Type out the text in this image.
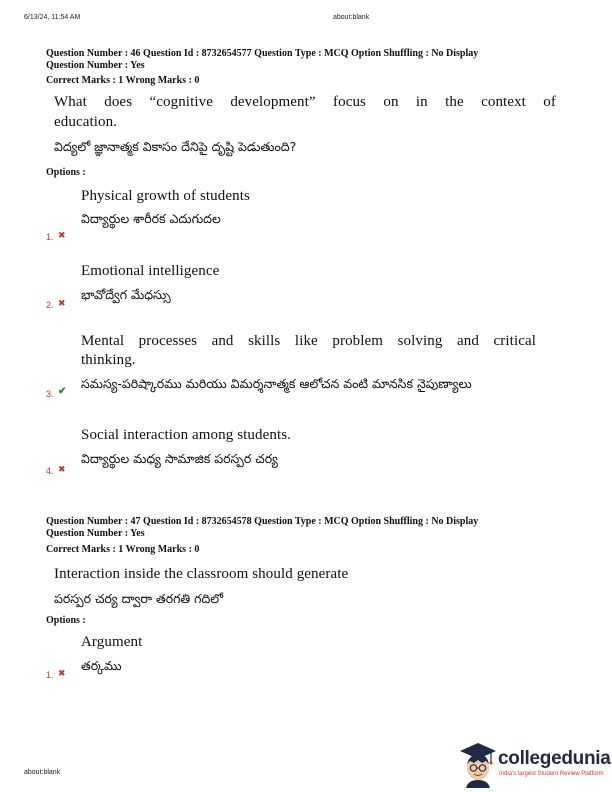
6/13/24, 11:54 AM	about:blank
Question Number : 46 Question Id : 8732654577 Question Type : MCQ Option Shuffling : No Display
Question Number : Yes
Correct Marks : 1 Wrong Marks : 0
What does “cognitive development” focus on in the context of
education.
విద్యలో జ్ఞానాత్మక వికాసం దేనిపై దృష్టి పెడుతుంది?
Options :
Physical growth of students
విద్యార్థుల శారీరక ఎదుగుదల
1. ✖
Emotional intelligence
భావోద్వేగ మేధస్సు
2. ✖
Mental processes and skills like problem solving and critical
thinking.
సమస్య-పరిష్కారము మరియు విమర్శనాత్మక ఆలోచన వంటి మానసిక నైపుణ్యాలు
3. ✔
Social interaction among students.
విద్యార్థుల మధ్య సామాజిక పరస్పర చర్య
4. ✖
Question Number : 47 Question Id : 8732654578 Question Type : MCQ Option Shuffling : No Display
Question Number : Yes
Correct Marks : 1 Wrong Marks : 0
Interaction inside the classroom should generate
పరస్పర చర్య ద్వారా తరగతి గదిలో
Options :
Argument
తర్కము
1. ✖
about:blank
collegedunia
India's largest Student Review Platform
